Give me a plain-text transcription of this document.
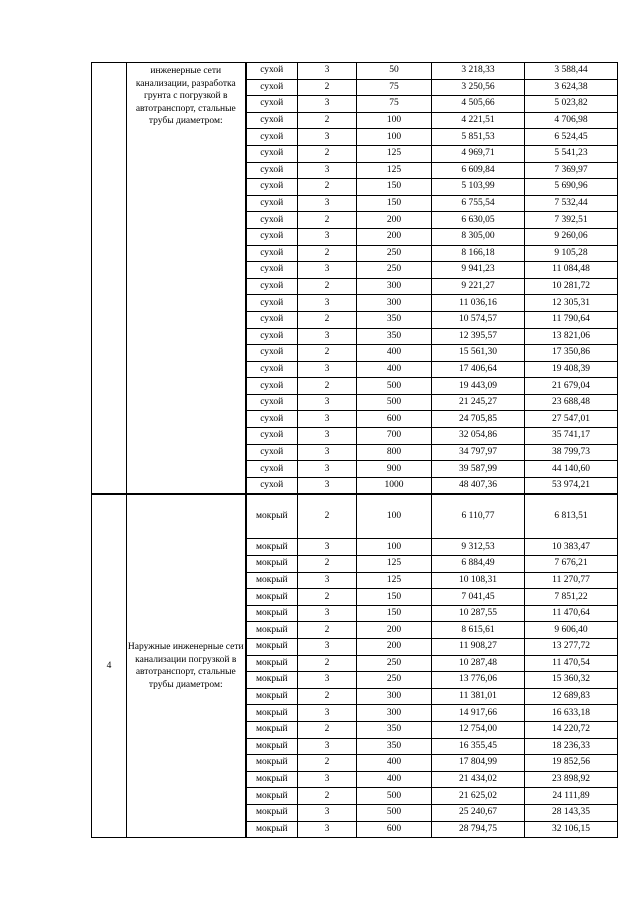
	инженерные сети канализации, разработка грунта с погрузкой в автотранспорт, стальные трубы диаметром:	сухой	3	50	3 218,33	3 588,44
		сухой	2	75	3 250,56	3 624,38
		сухой	3	75	4 505,66	5 023,82
		сухой	2	100	4 221,51	4 706,98
		сухой	3	100	5 851,53	6 524,45
		сухой	2	125	4 969,71	5 541,23
		сухой	3	125	6 609,84	7 369,97
		сухой	2	150	5 103,99	5 690,96
		сухой	3	150	6 755,54	7 532,44
		сухой	2	200	6 630,05	7 392,51
		сухой	3	200	8 305,00	9 260,06
		сухой	2	250	8 166,18	9 105,28
		сухой	3	250	9 941,23	11 084,48
		сухой	2	300	9 221,27	10 281,72
		сухой	3	300	11 036,16	12 305,31
		сухой	2	350	10 574,57	11 790,64
		сухой	3	350	12 395,57	13 821,06
		сухой	2	400	15 561,30	17 350,86
		сухой	3	400	17 406,64	19 408,39
		сухой	2	500	19 443,09	21 679,04
		сухой	3	500	21 245,27	23 688,48
		сухой	3	600	24 705,85	27 547,01
		сухой	3	700	32 054,86	35 741,17
		сухой	3	800	34 797,97	38 799,73
		сухой	3	900	39 587,99	44 140,60
		сухой	3	1000	48 407,36	53 974,21
4	Наружные инженерные сети канализации погрузкой в автотранспорт, стальные трубы диаметром:	мокрый	2	100	6 110,77	6 813,51
		мокрый	3	100	9 312,53	10 383,47
		мокрый	2	125	6 884,49	7 676,21
		мокрый	3	125	10 108,31	11 270,77
		мокрый	2	150	7 041,45	7 851,22
		мокрый	3	150	10 287,55	11 470,64
		мокрый	2	200	8 615,61	9 606,40
		мокрый	3	200	11 908,27	13 277,72
		мокрый	2	250	10 287,48	11 470,54
		мокрый	3	250	13 776,06	15 360,32
		мокрый	2	300	11 381,01	12 689,83
		мокрый	3	300	14 917,66	16 633,18
		мокрый	2	350	12 754,00	14 220,72
		мокрый	3	350	16 355,45	18 236,33
		мокрый	2	400	17 804,99	19 852,56
		мокрый	3	400	21 434,02	23 898,92
		мокрый	2	500	21 625,02	24 111,89
		мокрый	3	500	25 240,67	28 143,35
		мокрый	3	600	28 794,75	32 106,15
